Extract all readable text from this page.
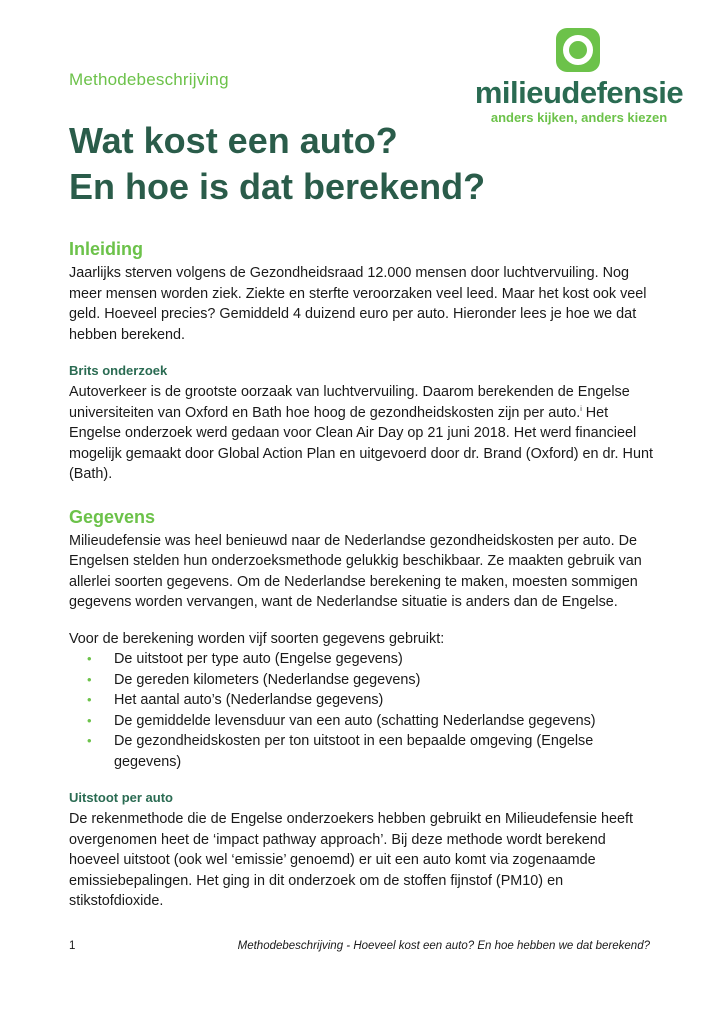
Methodebeschrijving	milieudefensie
anders kijken, anders kiezen
Wat kost een auto?
En hoe is dat berekend?
Inleiding

Jaarlijks sterven volgens de Gezondheidsraad 12.000 mensen door luchtvervuiling. Nog meer mensen worden ziek. Ziekte en sterfte veroorzaken veel leed. Maar het kost ook veel geld. Hoeveel precies? Gemiddeld 4 duizend euro per auto. Hieronder lees je hoe we dat hebben berekend.

Brits onderzoek

Autoverkeer is de grootste oorzaak van luchtvervuiling. Daarom berekenden de Engelse universiteiten van Oxford en Bath hoe hoog de gezondheidskosten zijn per auto.$^i$ Het Engelse onderzoek werd gedaan voor Clean Air Day op 21 juni 2018. Het werd financieel mogelijk gemaakt door Global Action Plan en uitgevoerd door dr. Brand (Oxford) en dr. Hunt (Bath).

Gegevens

Milieudefensie was heel benieuwd naar de Nederlandse gezondheidskosten per auto. De Engelsen stelden hun onderzoeksmethode gelukkig beschikbaar. Ze maakten gebruik van allerlei soorten gegevens. Om de Nederlandse berekening te maken, moesten sommigen gegevens worden vervangen, want de Nederlandse situatie is anders dan de Engelse.

Voor de berekening worden vijf soorten gegevens gebruikt:

• De uitstoot per type auto (Engelse gegevens)
• De gereden kilometers (Nederlandse gegevens)
• Het aantal auto’s (Nederlandse gegevens)
• De gemiddelde levensduur van een auto (schatting Nederlandse gegevens)
• De gezondheidskosten per ton uitstoot in een bepaalde omgeving (Engelse gegevens)
Uitstoot per auto

De rekenmethode die de Engelse onderzoekers hebben gebruikt en Milieudefensie heeft overgenomen heet de ‘impact pathway approach’. Bij deze methode wordt berekend hoeveel uitstoot (ook wel ‘emissie’ genoemd) er uit een auto komt via zogenaamde emissiebepalingen. Het ging in dit onderzoek om de stoffen fijnstof (PM10) en stikstofdioxide.

1	Methodebeschrijving - Hoeveel kost een auto? En hoe hebben we dat berekend?
